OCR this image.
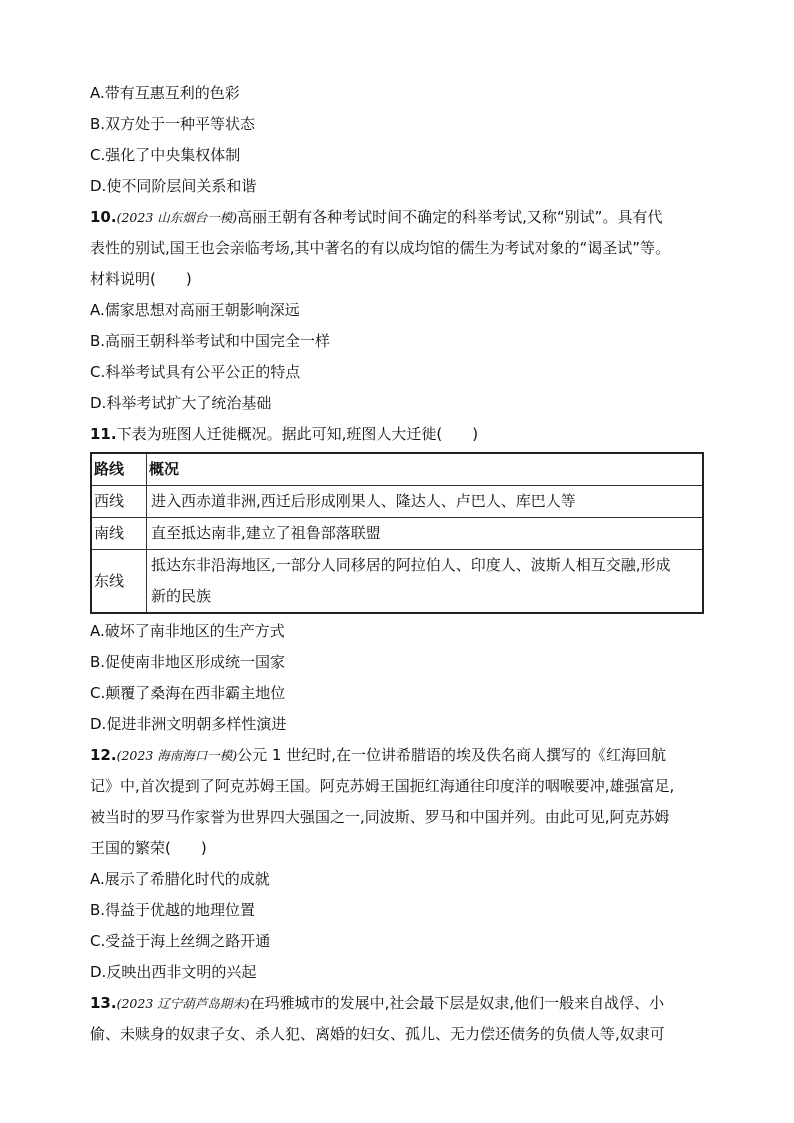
A.带有互惠互利的色彩
B.双方处于一种平等状态
C.强化了中央集权体制
D.使不同阶层间关系和谐
10.(2023 山东烟台一模)高丽王朝有各种考试时间不确定的科举考试,又称“别试”。具有代
表性的别试,国王也会亲临考场,其中著名的有以成均馆的儒生为考试对象的“谒圣试”等。
材料说明(　　)
A.儒家思想对高丽王朝影响深远
B.高丽王朝科举考试和中国完全一样
C.科举考试具有公平公正的特点
D.科举考试扩大了统治基础
11.下表为班图人迁徙概况。据此可知,班图人大迁徙(　　)
路线	概况
西线	进入西赤道非洲,西迁后形成刚果人、隆达人、卢巴人、库巴人等
南线	直至抵达南非,建立了祖鲁部落联盟
东线	抵达东非沿海地区,一部分人同移居的阿拉伯人、印度人、波斯人相互交融,形成
新的民族
A.破坏了南非地区的生产方式
B.促使南非地区形成统一国家
C.颠覆了桑海在西非霸主地位
D.促进非洲文明朝多样性演进
12.(2023 海南海口一模)公元 1 世纪时,在一位讲希腊语的埃及佚名商人撰写的《红海回航
记》中,首次提到了阿克苏姆王国。阿克苏姆王国扼红海通往印度洋的咽喉要冲,雄强富足,
被当时的罗马作家誉为世界四大强国之一,同波斯、罗马和中国并列。由此可见,阿克苏姆
王国的繁荣(　　)
A.展示了希腊化时代的成就
B.得益于优越的地理位置
C.受益于海上丝绸之路开通
D.反映出西非文明的兴起
13.(2023 辽宁葫芦岛期末)在玛雅城市的发展中,社会最下层是奴隶,他们一般来自战俘、小
偷、未赎身的奴隶子女、杀人犯、离婚的妇女、孤儿、无力偿还债务的负债人等,奴隶可
